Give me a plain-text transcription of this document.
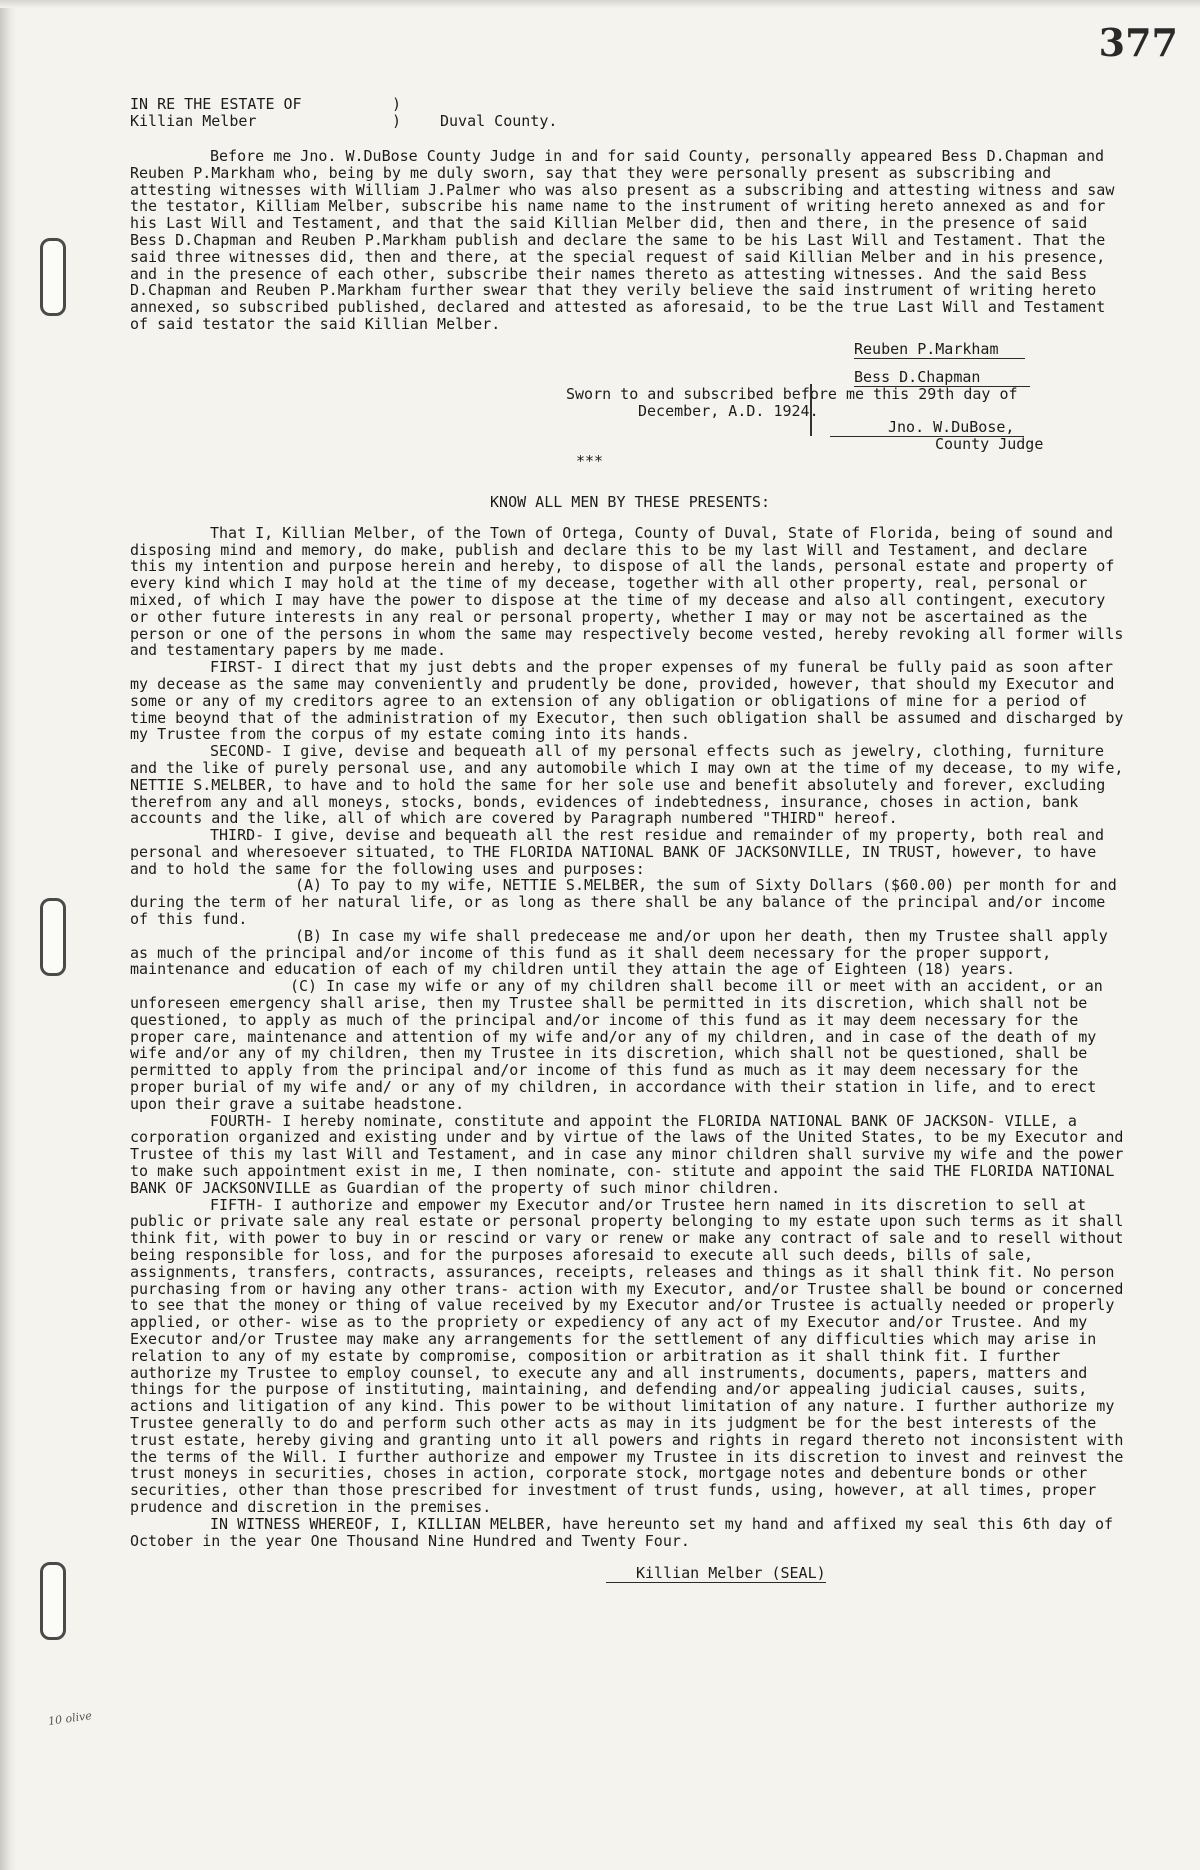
377

10 olive

IN RE THE ESTATE OF
Killian Melber
)
)	Duval County.

Before me Jno. W.DuBose County Judge in and for said County, personally appeared Bess D.Chapman and Reuben P.Markham who, being by me duly sworn, say that they were personally present as subscribing and attesting witnesses with William J.Palmer who was also present as a subscribing and attesting witness and saw the testator, Killiam Melber, subscribe his name name to the instrument of writing hereto annexed as and for his Last Will and Testament, and that the said Killian Melber did, then and there, in the presence of said Bess D.Chapman and Reuben P.Markham publish and declare the same to be his Last Will and Testament. That the said three witnesses did, then and there, at the special request of said Killian Melber and in his presence, and in the presence of each other, subscribe their names thereto as attesting witnesses. And the said Bess D.Chapman and Reuben P.Markham further swear that they verily believe the said instrument of writing hereto annexed, so subscribed published, declared and attested as aforesaid, to be the true Last Will and Testament of said testator the said Killian Melber.

Reuben P.Markham
Bess D.Chapman

Sworn to and subscribed before me this 29th day of

December, A.D. 1924.

Jno. W.DuBose,

County Judge

***

KNOW ALL MEN BY THESE PRESENTS:

That I, Killian Melber, of the Town of Ortega, County of Duval, State of Florida, being of sound and disposing mind and memory, do make, publish and declare this to be my last Will and Testament, and declare this my intention and purpose herein and hereby, to dispose of all the lands, personal estate and property of every kind which I may hold at the time of my decease, together with all other property, real, personal or mixed, of which I may have the power to dispose at the time of my decease and also all contingent, executory or other future interests in any real or personal property, whether I may or may not be ascertained as the person or one of the persons in whom the same may respectively become vested, hereby revoking all former wills and testamentary papers by me made.

FIRST- I direct that my just debts and the proper expenses of my funeral be fully paid as soon after my decease as the same may conveniently and prudently be done, provided, however, that should my Executor and some or any of my creditors agree to an extension of any obligation or obligations of mine for a period of time beoynd that of the administration of my Executor, then such obligation shall be assumed and discharged by my Trustee from the corpus of my estate coming into its hands.

SECOND- I give, devise and bequeath all of my personal effects such as jewelry, clothing, furniture and the like of purely personal use, and any automobile which I may own at the time of my decease, to my wife, NETTIE S.MELBER, to have and to hold the same for her sole use and benefit absolutely and forever, excluding therefrom any and all moneys, stocks, bonds, evidences of indebtedness, insurance, choses in action, bank accounts and the like, all of which are covered by Paragraph numbered "THIRD" hereof.

THIRD- I give, devise and bequeath all the rest residue and remainder of my property, both real and personal and wheresoever situated, to THE FLORIDA NATIONAL BANK OF JACKSONVILLE, IN TRUST, however, to have and to hold the same for the following uses and purposes:

(A) To pay to my wife, NETTIE S.MELBER, the sum of Sixty Dollars ($60.00) per month for and during the term of her natural life, or as long as there shall be any balance of the principal and/or income of this fund.

(B) In case my wife shall predecease me and/or upon her death, then my Trustee shall apply as much of the principal and/or income of this fund as it shall deem necessary for the proper support, maintenance and education of each of my children until they attain the age of Eighteen (18) years.

(C) In case my wife or any of my children shall become ill or meet with an accident, or an unforeseen emergency shall arise, then my Trustee shall be permitted in its discretion, which shall not be questioned, to apply as much of the principal and/or income of this fund as it may deem necessary for the proper care, maintenance and attention of my wife and/or any of my children, and in case of the death of my wife and/or any of my children, then my Trustee in its discretion, which shall not be questioned, shall be permitted to apply from the principal and/or income of this fund as much as it may deem necessary for the proper burial of my wife and/ or any of my children, in accordance with their station in life, and to erect upon their grave a suitabe headstone.

FOURTH- I hereby nominate, constitute and appoint the FLORIDA NATIONAL BANK OF JACKSON- VILLE, a corporation organized and existing under and by virtue of the laws of the United States, to be my Executor and Trustee of this my last Will and Testament, and in case any minor children shall survive my wife and the power to make such appointment exist in me, I then nominate, con- stitute and appoint the said THE FLORIDA NATIONAL BANK OF JACKSONVILLE as Guardian of the property of such minor children.

FIFTH- I authorize and empower my Executor and/or Trustee hern named in its discretion to sell at public or private sale any real estate or personal property belonging to my estate upon such terms as it shall think fit, with power to buy in or rescind or vary or renew or make any contract of sale and to resell without being responsible for loss, and for the purposes aforesaid to execute all such deeds, bills of sale, assignments, transfers, contracts, assurances, receipts, releases and things as it shall think fit. No person purchasing from or having any other trans- action with my Executor, and/or Trustee shall be bound or concerned to see that the money or thing of value received by my Executor and/or Trustee is actually needed or properly applied, or other- wise as to the propriety or expediency of any act of my Executor and/or Trustee. And my Executor and/or Trustee may make any arrangements for the settlement of any difficulties which may arise in relation to any of my estate by compromise, composition or arbitration as it shall think fit. I further authorize my Trustee to employ counsel, to execute any and all instruments, documents, papers, matters and things for the purpose of instituting, maintaining, and defending and/or appealing judicial causes, suits, actions and litigation of any kind. This power to be without limitation of any nature. I further authorize my Trustee generally to do and perform such other acts as may in its judgment be for the best interests of the trust estate, hereby giving and granting unto it all powers and rights in regard thereto not inconsistent with the terms of the Will. I further authorize and empower my Trustee in its discretion to invest and reinvest the trust moneys in securities, choses in action, corporate stock, mortgage notes and debenture bonds or other securities, other than those prescribed for investment of trust funds, using, however, at all times, proper prudence and discretion in the premises.

IN WITNESS WHEREOF, I, KILLIAN MELBER, have hereunto set my hand and affixed my seal this 6th day of October in the year One Thousand Nine Hundred and Twenty Four.

Killian Melber (SEAL)
